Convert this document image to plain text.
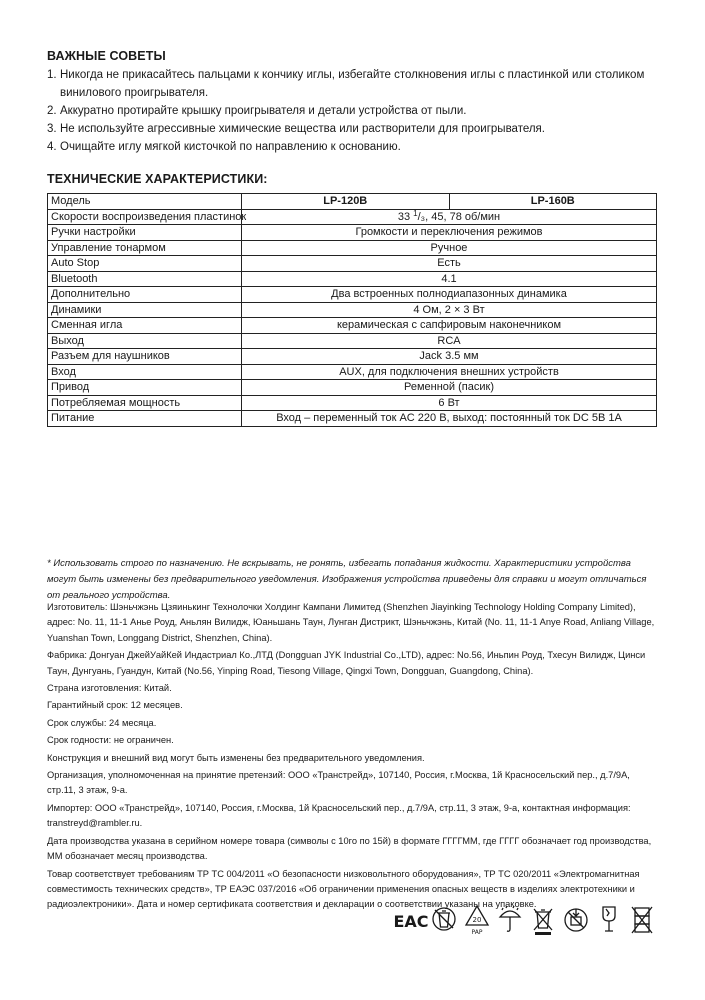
ВАЖНЫЕ СОВЕТЫ
1. Никогда не прикасайтесь пальцами к кончику иглы, избегайте столкновения иглы с пластинкой или столиком винилового проигрывателя.
2. Аккуратно протирайте крышку проигрывателя и детали устройства от пыли.
3. Не используйте агрессивные химические вещества или растворители для проигрывателя.
4. Очищайте иглу мягкой кисточкой по направлению к основанию.
ТЕХНИЧЕСКИЕ ХАРАКТЕРИСТИКИ:
Модель	LP-120B	LP-160B
Скорости воспроизведения пластинок	33 $^1$/₃, 45, 78 об/мин	
Ручки настройки	Громкости и переключения режимов	
Управление тонармом	Ручное	
Auto Stop	Есть	
Bluetooth	4.1	
Дополнительно	Два встроенных полнодиапазонных динамика	
Динамики	4 Ом, 2 × 3 Вт	
Сменная игла	керамическая с сапфировым наконечником	
Выход	RCA	
Разъем для наушников	Jack 3.5 мм	
Вход	AUX, для подключения внешних устройств	
Привод	Ременной (пасик)	
Потребляемая мощность	6 Вт	
Питание	Вход – переменный ток AC 220 В, выход: постоянный ток DC 5В 1А	
* Использовать строго по назначению. Не вскрывать, не ронять, избегать попадания жидкости. Характеристики устройства могут быть изменены без предварительного уведомления. Изображения устройства приведены для справки и могут отличаться от реального устройства.

Изготовитель: Шэньчжэнь Цзяинькинг Технолочки Холдинг Кампани Лимитед (Shenzhen Jiayinking Technology Holding Company Limited), адрес: No. 11, 11-1 Анье Роуд, Аньлян Вилидж, Юаньшань Таун, Лунган Дистрикт, Шэньчжэнь, Китай (No. 11, 11-1 Anye Road, Anliang Village, Yuanshan Town, Longgang District, Shenzhen, China).

Фабрика: Донгуан ДжейУайКей Индастриал Ко.,ЛТД (Dongguan JYK Industrial Co.,LTD), адрес: No.56, Иньпин Роуд, Тхесун Вилидж, Цинси Таун, Дунгуань, Гуандун, Китай (No.56, Yinping Road, Tiesong Village, Qingxi Town, Dongguan, Guangdong, China).

Страна изготовления: Китай.

Гарантийный срок: 12 месяцев.

Срок службы: 24 месяца.

Срок годности: не ограничен.

Конструкция и внешний вид могут быть изменены без предварительного уведомления.

Организация, уполномоченная на принятие претензий: ООО «Транстрейд», 107140, Россия, г.Москва, 1й Красносельский пер., д.7/9А, стр.11, 3 этаж, 9-а.

Импортер: ООО «Транстрейд», 107140, Россия, г.Москва, 1й Красносельский пер., д.7/9А, стр.11, 3 этаж, 9-а, контактная информация: transtreyd@rambler.ru.

Дата производства указана в серийном номере товара (символы с 10го по 15й) в формате ГГГГММ, где ГГГГ обозначает год производства, ММ обозначает месяц производства.

Товар соответствует требованиям ТР ТС 004/2011 «О безопасности низковольтного оборудования», ТР ТС 020/2011 «Электромагнитная совместимость технических средств», ТР ЕАЭС 037/2016 «Об ограничении применения опасных веществ в изделиях электротехники и радиоэлектроники». Дата и номер сертификата соответствия и декларации о соответствии указаны на упаковке.

EAC	20
PAP
